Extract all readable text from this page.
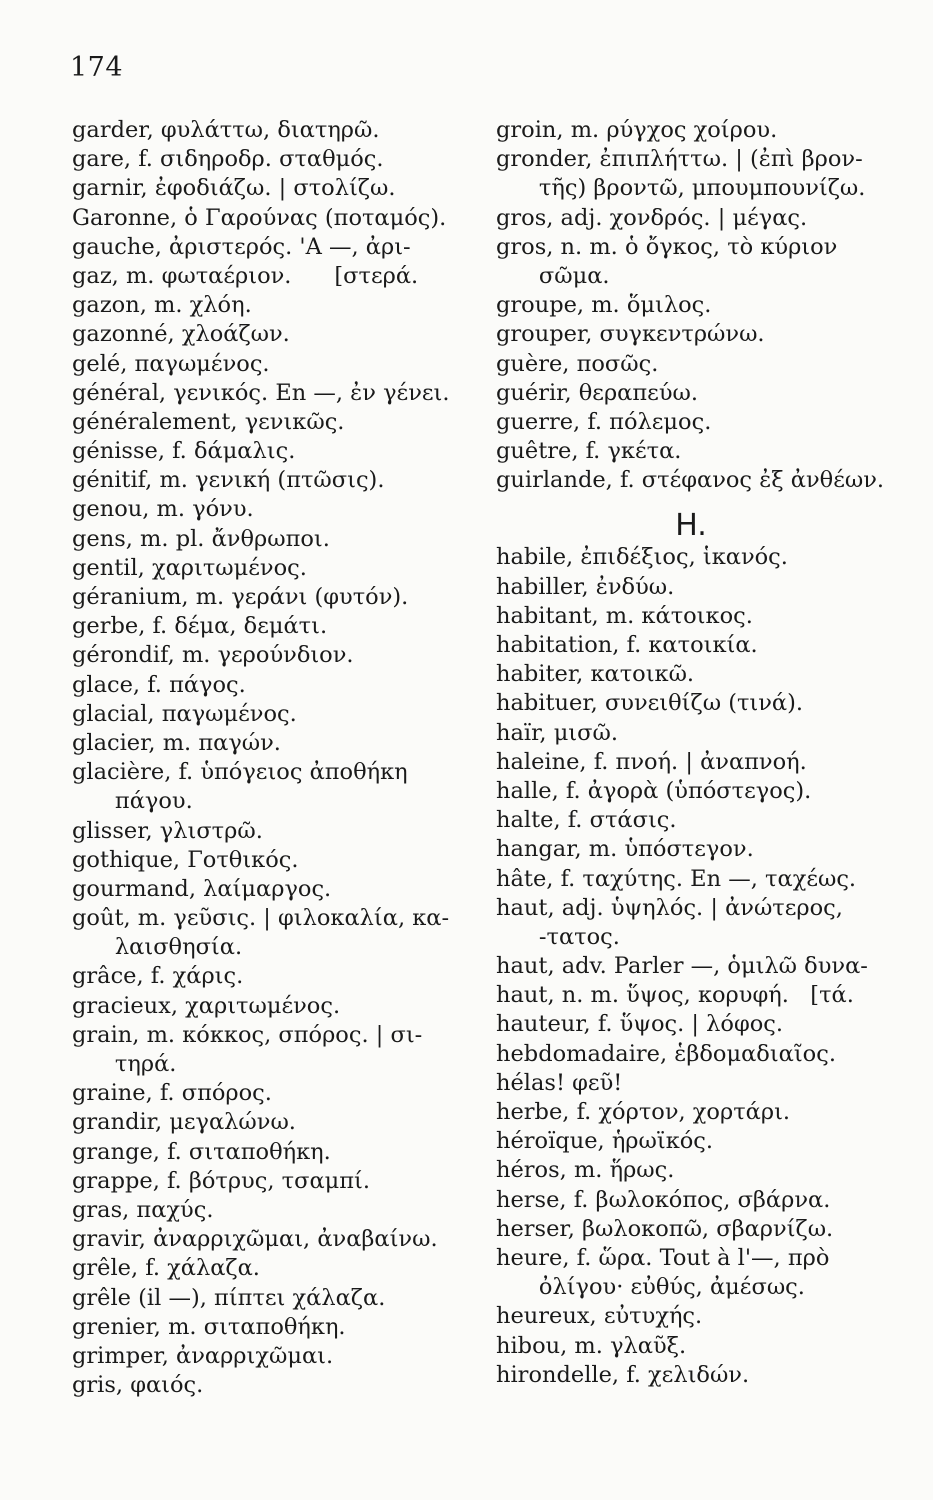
174
garder, φυλάττω, διατηρῶ.
gare, f. σιδηροδρ. σταθμός.
garnir, ἐφοδιάζω. | στολίζω.
Garonne, ὁ Γαρούνας (ποταμός).
gauche, ἀριστερός. 'A —, ἀρι-
gaz, m. φωταέριον.      [στερά.
gazon, m. χλόη.
gazonné, χλοάζων.
gelé, παγωμένος.
général, γενικός. En —, ἐν γένει.
généralement, γενικῶς.
génisse, f. δάμαλις.
génitif, m. γενική (πτῶσις).
genou, m. γόνυ.
gens, m. pl. ἄνθρωποι.
gentil, χαριτωμένος.
géranium, m. γεράνι (φυτόν).
gerbe, f. δέμα, δεμάτι.
gérondif, m. γερούνδιον.
glace, f. πάγος.
glacial, παγωμένος.
glacier, m. παγών.
glacière, f. ὑπόγειος ἀποθήκη
πάγου.
glisser, γλιστρῶ.
gothique, Γοτθικός.
gourmand, λαίμαργος.
goût, m. γεῦσις. | φιλοκαλία, κα-
λαισθησία.
grâce, f. χάρις.
gracieux, χαριτωμένος.
grain, m. κόκκος, σπόρος. | σι-
τηρά.
graine, f. σπόρος.
grandir, μεγαλώνω.
grange, f. σιταποθήκη.
grappe, f. βότρυς, τσαμπί.
gras, παχύς.
gravir, ἀναρριχῶμαι, ἀναβαίνω.
grêle, f. χάλαζα.
grêle (il —), πίπτει χάλαζα.
grenier, m. σιταποθήκη.
grimper, ἀναρριχῶμαι.
gris, φαιός.
groin, m. ρύγχος χοίρου.
gronder, ἐπιπλήττω. | (ἐπὶ βρον-
τῆς) βροντῶ, μπουμπουνίζω.
gros, adj. χονδρός. | μέγας.
gros, n. m. ὁ ὄγκος, τὸ κύριον
σῶμα.
groupe, m. ὅμιλος.
grouper, συγκεντρώνω.
guère, ποσῶς.
guérir, θεραπεύω.
guerre, f. πόλεμος.
guêtre, f. γκέτα.
guirlande, f. στέφανος ἐξ ἀνθέων.
H.
habile, ἐπιδέξιος, ἱκανός.
habiller, ἐνδύω.
habitant, m. κάτοικος.
habitation, f. κατοικία.
habiter, κατοικῶ.
habituer, συνειθίζω (τινά).
haïr, μισῶ.
haleine, f. πνοή. | ἀναπνοή.
halle, f. ἀγορὰ (ὑπόστεγος).
halte, f. στάσις.
hangar, m. ὑπόστεγον.
hâte, f. ταχύτης. En —, ταχέως.
haut, adj. ὑψηλός. | ἀνώτερος,
-τατος.
haut, adv. Parler —, ὁμιλῶ δυνα-
haut, n. m. ὕψος, κορυφή.   [τά.
hauteur, f. ὕψος. | λόφος.
hebdomadaire, ἑβδομαδιαῖος.
hélas! φεῦ!
herbe, f. χόρτον, χορτάρι.
héroïque, ἡρωϊκός.
héros, m. ἥρως.
herse, f. βωλοκόπος, σβάρνα.
herser, βωλοκοπῶ, σβαρνίζω.
heure, f. ὥρα. Tout à l'—, πρὸ
ὀλίγου· εὐθύς, ἀμέσως.
heureux, εὐτυχής.
hibou, m. γλαῦξ.
hirondelle, f. χελιδών.
